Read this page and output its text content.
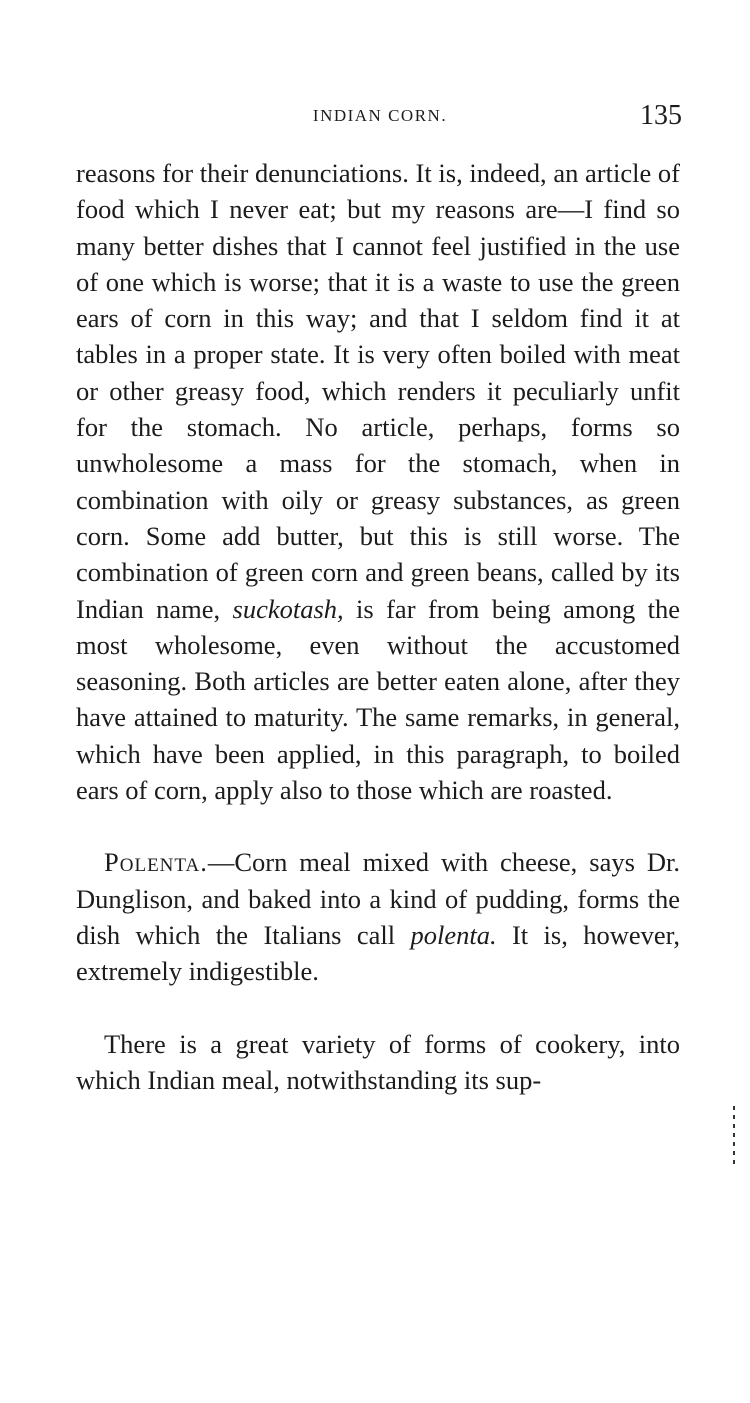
INDIAN CORN.	135

reasons for their denunciations. It is, indeed, an article of food which I never eat; but my reasons are—I find so many better dishes that I cannot feel justified in the use of one which is worse; that it is a waste to use the green ears of corn in this way; and that I seldom find it at tables in a proper state. It is very often boiled with meat or other greasy food, which renders it peculiarly unfit for the stomach. No article, perhaps, forms so unwholesome a mass for the stomach, when in combination with oily or greasy substances, as green corn. Some add butter, but this is still worse. The combination of green corn and green beans, called by its Indian name, suckotash, is far from being among the most wholesome, even without the accustomed seasoning. Both articles are better eaten alone, after they have attained to maturity. The same remarks, in general, which have been applied, in this paragraph, to boiled ears of corn, apply also to those which are roasted.

Polenta.—Corn meal mixed with cheese, says Dr. Dunglison, and baked into a kind of pudding, forms the dish which the Italians call polenta. It is, however, extremely indigestible.

There is a great variety of forms of cookery, into which Indian meal, notwithstanding its sup-
